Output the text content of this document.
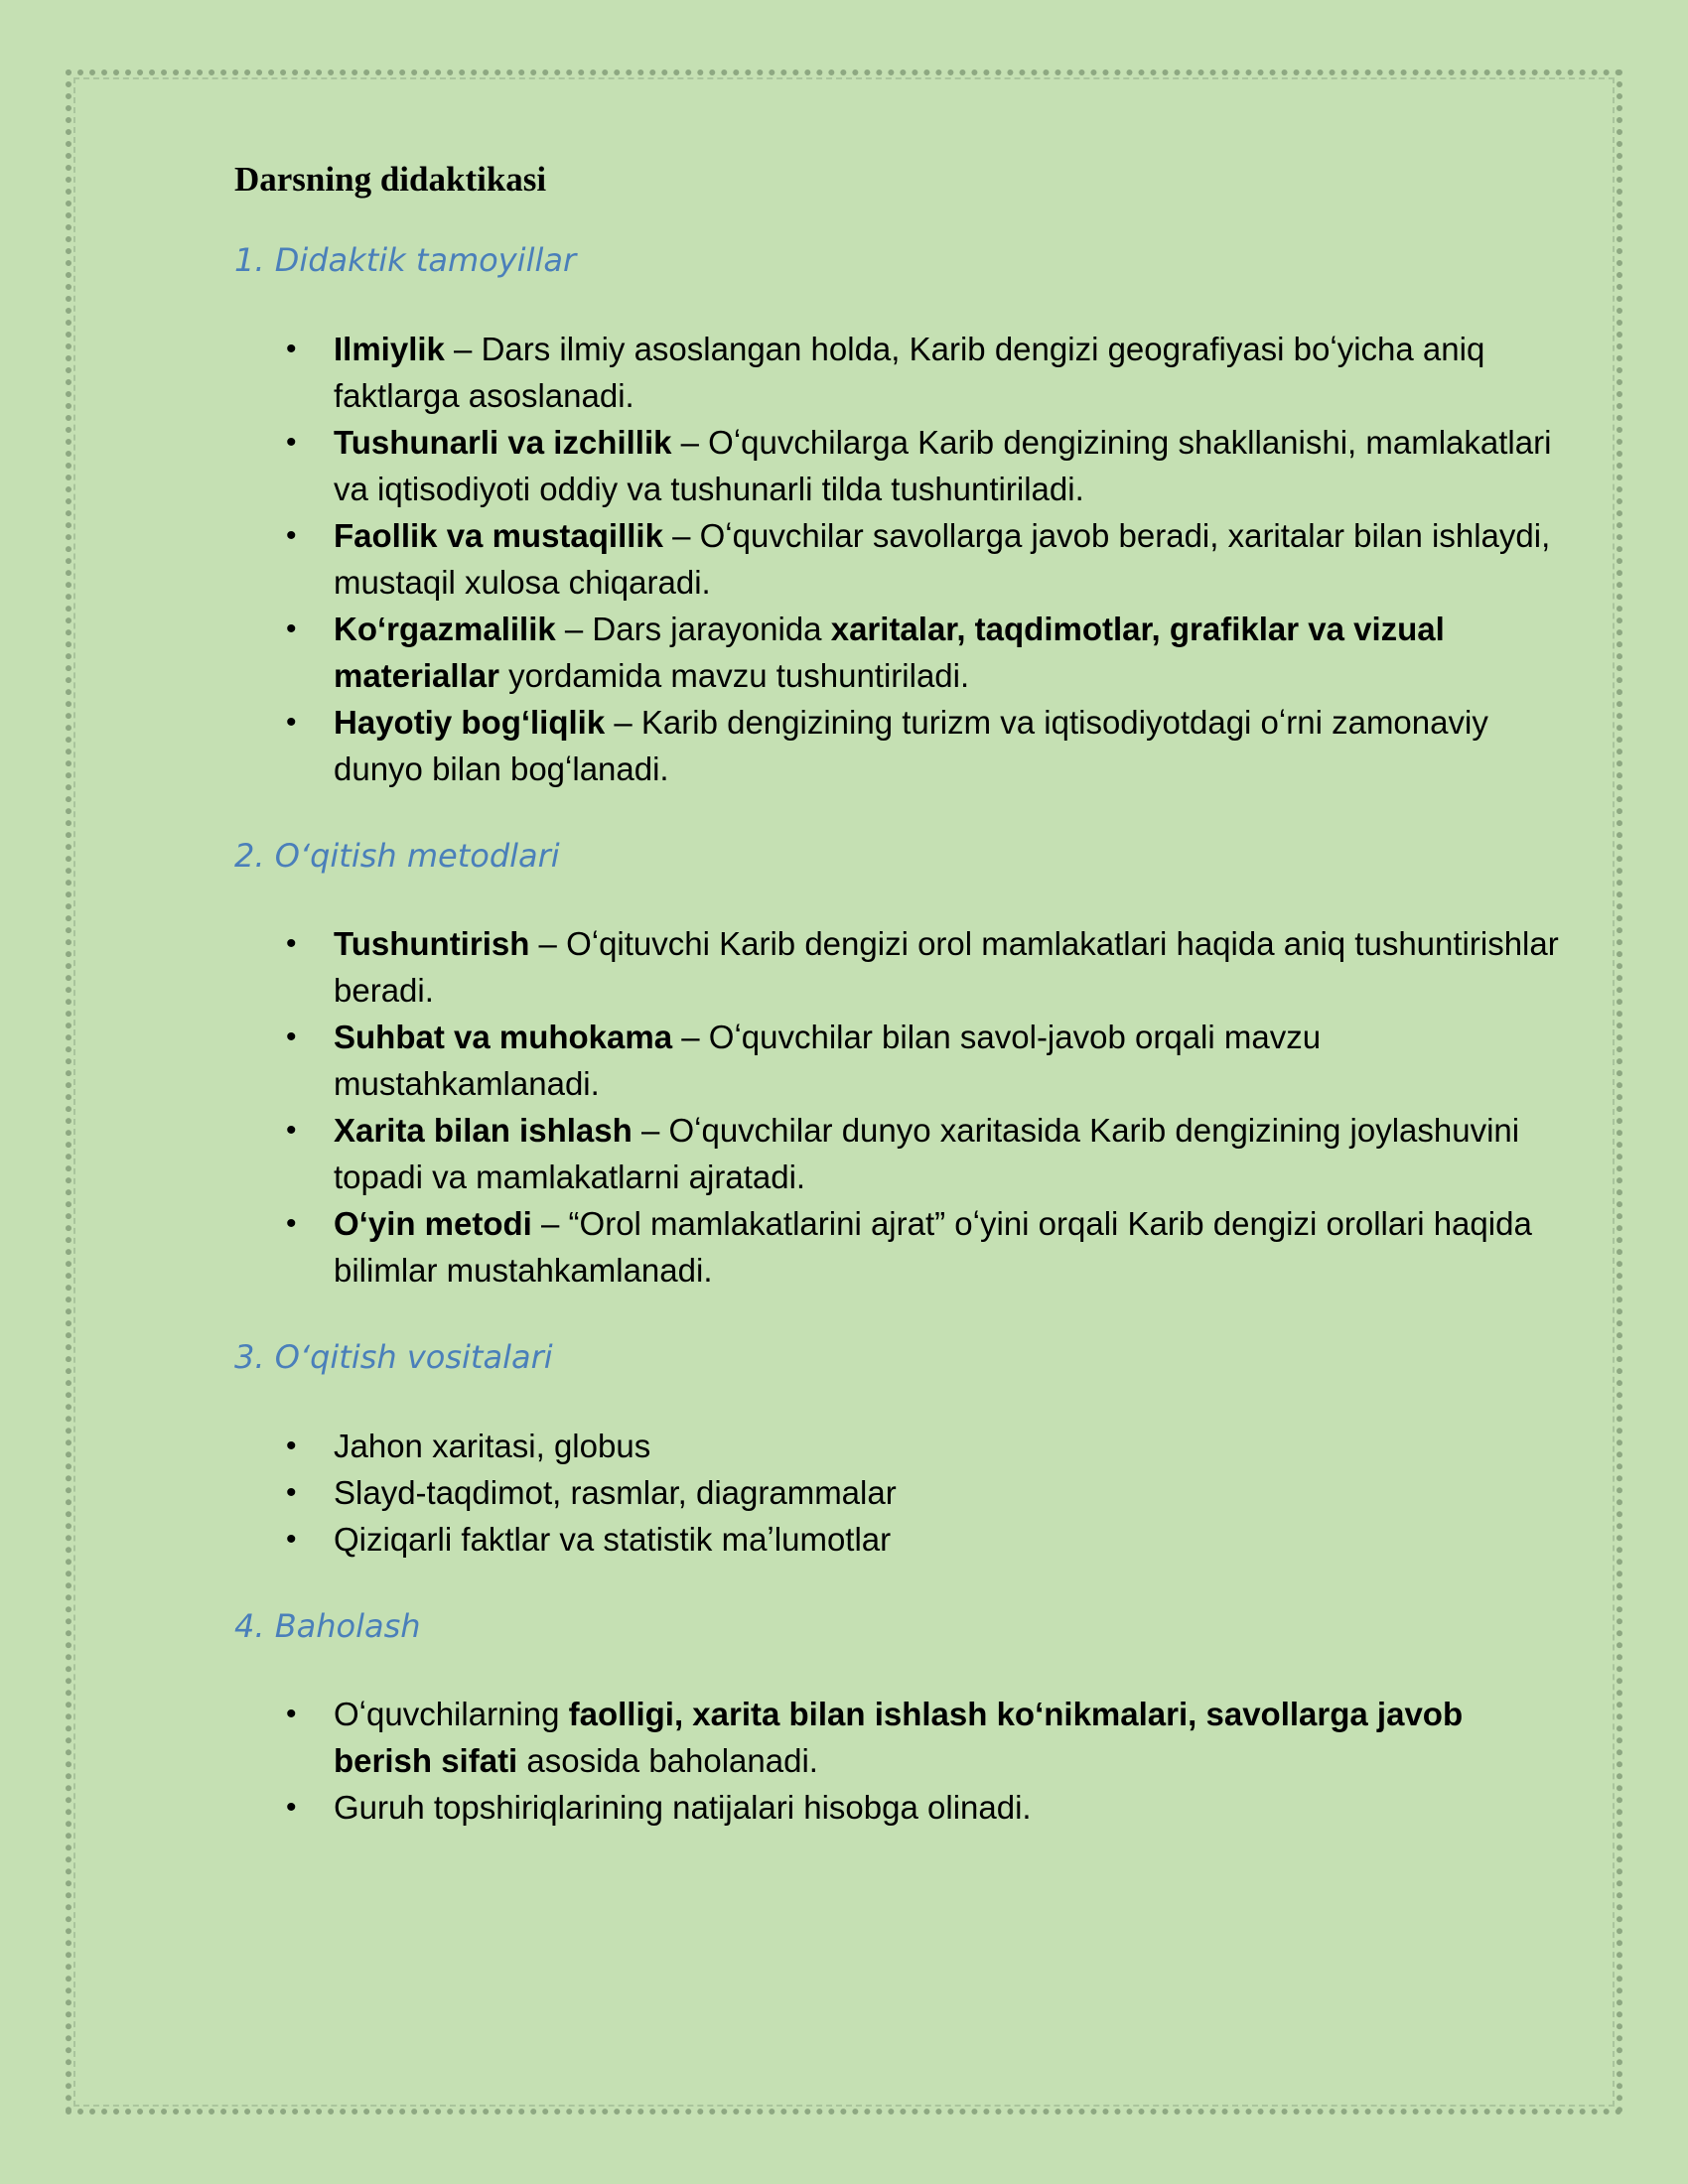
Darsning didaktikasi
1. Didaktik tamoyillar
• Ilmiylik – Dars ilmiy asoslangan holda, Karib dengizi geografiyasi boʻyicha aniq faktlarga asoslanadi.
• Tushunarli va izchillik – Oʻquvchilarga Karib dengizining shakllanishi, mamlakatlari va iqtisodiyoti oddiy va tushunarli tilda tushuntiriladi.
• Faollik va mustaqillik – Oʻquvchilar savollarga javob beradi, xaritalar bilan ishlaydi, mustaqil xulosa chiqaradi.
• Koʻrgazmalilik – Dars jarayonida xaritalar, taqdimotlar, grafiklar va vizual materiallar yordamida mavzu tushuntiriladi.
• Hayotiy bogʻliqlik – Karib dengizining turizm va iqtisodiyotdagi oʻrni zamonaviy dunyo bilan bogʻlanadi.
2. Oʻqitish metodlari
• Tushuntirish – Oʻqituvchi Karib dengizi orol mamlakatlari haqida aniq tushuntirishlar beradi.
• Suhbat va muhokama – Oʻquvchilar bilan savol-javob orqali mavzu mustahkamlanadi.
• Xarita bilan ishlash – Oʻquvchilar dunyo xaritasida Karib dengizining joylashuvini topadi va mamlakatlarni ajratadi.
• Oʻyin metodi – “Orol mamlakatlarini ajrat” oʻyini orqali Karib dengizi orollari haqida bilimlar mustahkamlanadi.
3. Oʻqitish vositalari
• Jahon xaritasi, globus
• Slayd-taqdimot, rasmlar, diagrammalar
• Qiziqarli faktlar va statistik maʼlumotlar
4. Baholash
• Oʻquvchilarning faolligi, xarita bilan ishlash koʻnikmalari, savollarga javob berish sifati asosida baholanadi.
• Guruh topshiriqlarining natijalari hisobga olinadi.
